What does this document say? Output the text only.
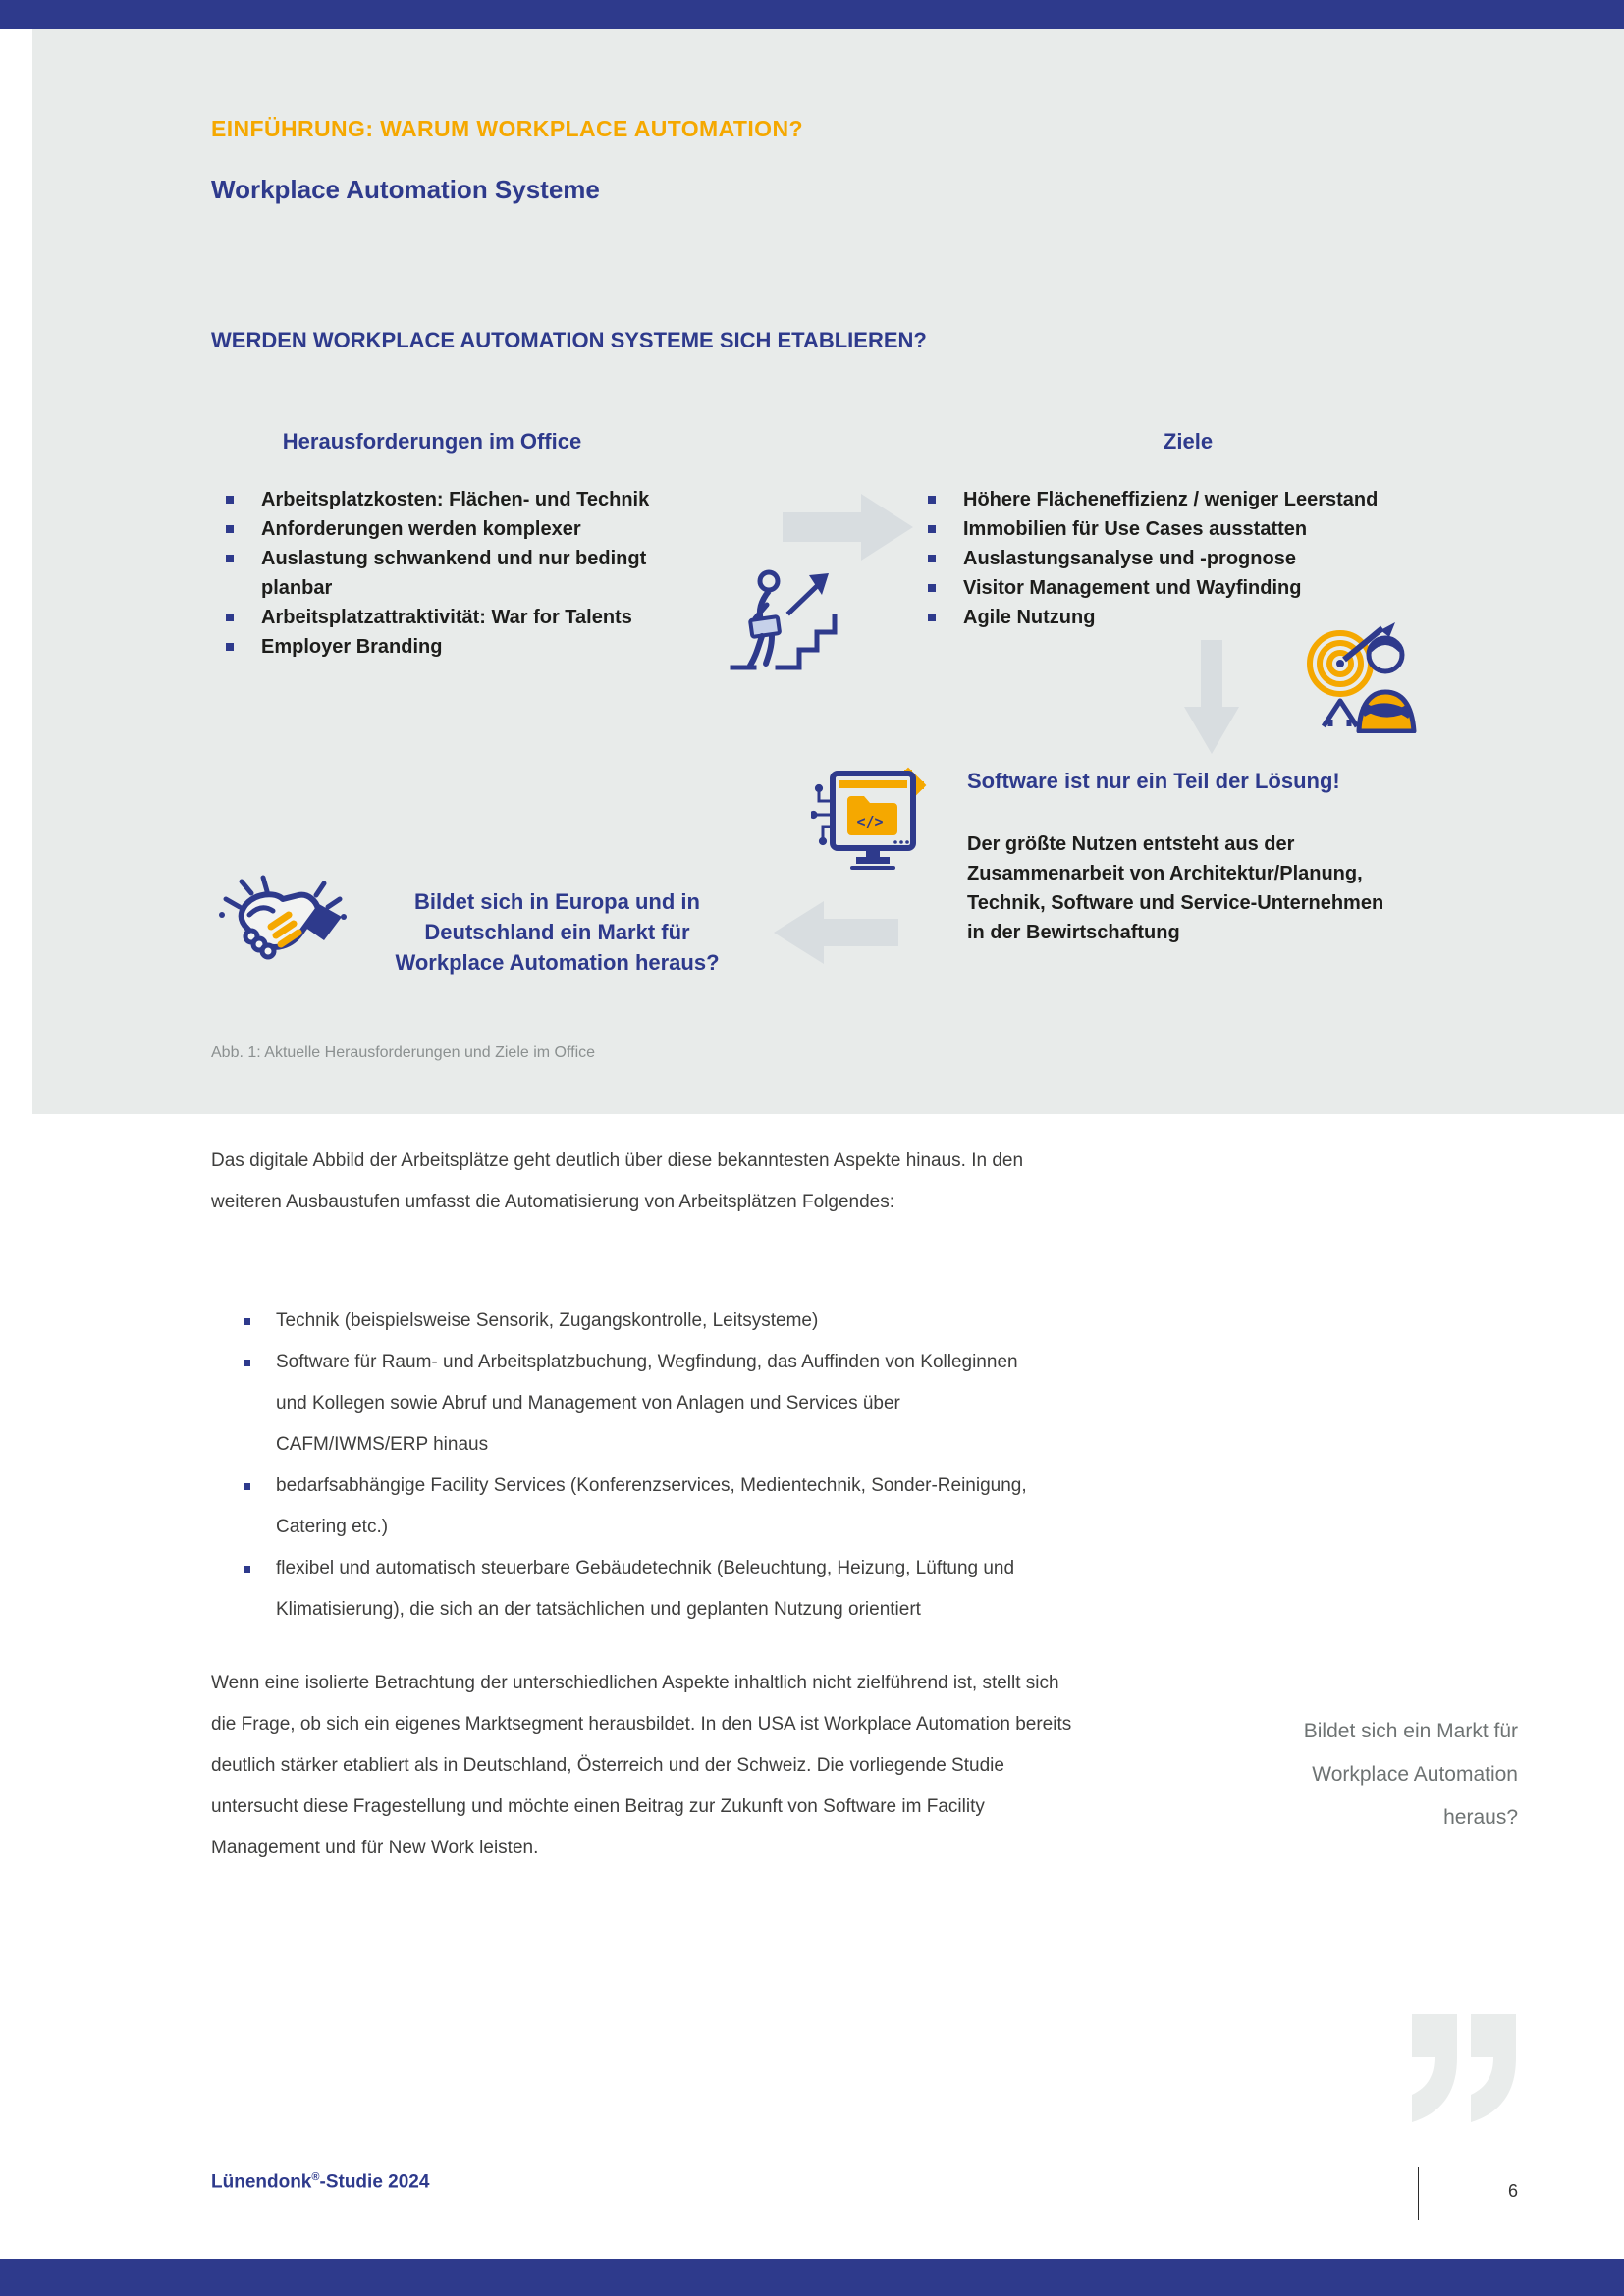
EINFÜHRUNG: WARUM WORKPLACE AUTOMATION?
Workplace Automation Systeme
WERDEN WORKPLACE AUTOMATION SYSTEME SICH ETABLIEREN?
Herausforderungen im Office	Ziele
Arbeitsplatzkosten: Flächen- und Technik
Anforderungen werden komplexer
Auslastung schwankend und nur bedingt planbar
Arbeitsplatzattraktivität: War for Talents
Employer Branding
Höhere Flächeneffizienz / weniger Leerstand
Immobilien für Use Cases ausstatten
Auslastungsanalyse und -prognose
Visitor Management und Wayfinding
Agile Nutzung
</>
Software ist nur ein Teil der Lösung!
Der größte Nutzen entsteht aus der Zusammenarbeit von Architektur/Planung, Technik, Software und Service-Unternehmen in der Bewirtschaftung
Bildet sich in Europa und in Deutschland ein Markt für Workplace Automation heraus?
Abb. 1: Aktuelle Herausforderungen und Ziele im Office
Das digitale Abbild der Arbeitsplätze geht deutlich über diese bekanntesten Aspekte hinaus. In den weiteren Ausbaustufen umfasst die Automatisierung von Arbeitsplätzen Folgendes:
Technik (beispielsweise Sensorik, Zugangskontrolle, Leitsysteme)
Software für Raum- und Arbeitsplatzbuchung, Wegfindung, das Auffinden von Kolleginnen und Kollegen sowie Abruf und Management von Anlagen und Services über CAFM/IWMS/ERP hinaus
bedarfsabhängige Facility Services (Konferenzservices, Medientechnik, Sonder-Reinigung, Catering etc.)
flexibel und automatisch steuerbare Gebäudetechnik (Beleuchtung, Heizung, Lüftung und Klimatisierung), die sich an der tatsächlichen und geplanten Nutzung orientiert
Wenn eine isolierte Betrachtung der unterschiedlichen Aspekte inhaltlich nicht zielführend ist, stellt sich die Frage, ob sich ein eigenes Marktsegment herausbildet. In den USA ist Workplace Automation bereits deutlich stärker etabliert als in Deutschland, Österreich und der Schweiz. Die vorliegende Studie untersucht diese Fragestellung und möchte einen Beitrag zur Zukunft von Software im Facility Management und für New Work leisten.
Bildet sich ein Markt für Workplace Automation heraus?
Lünendonk®-Studie 2024	6
